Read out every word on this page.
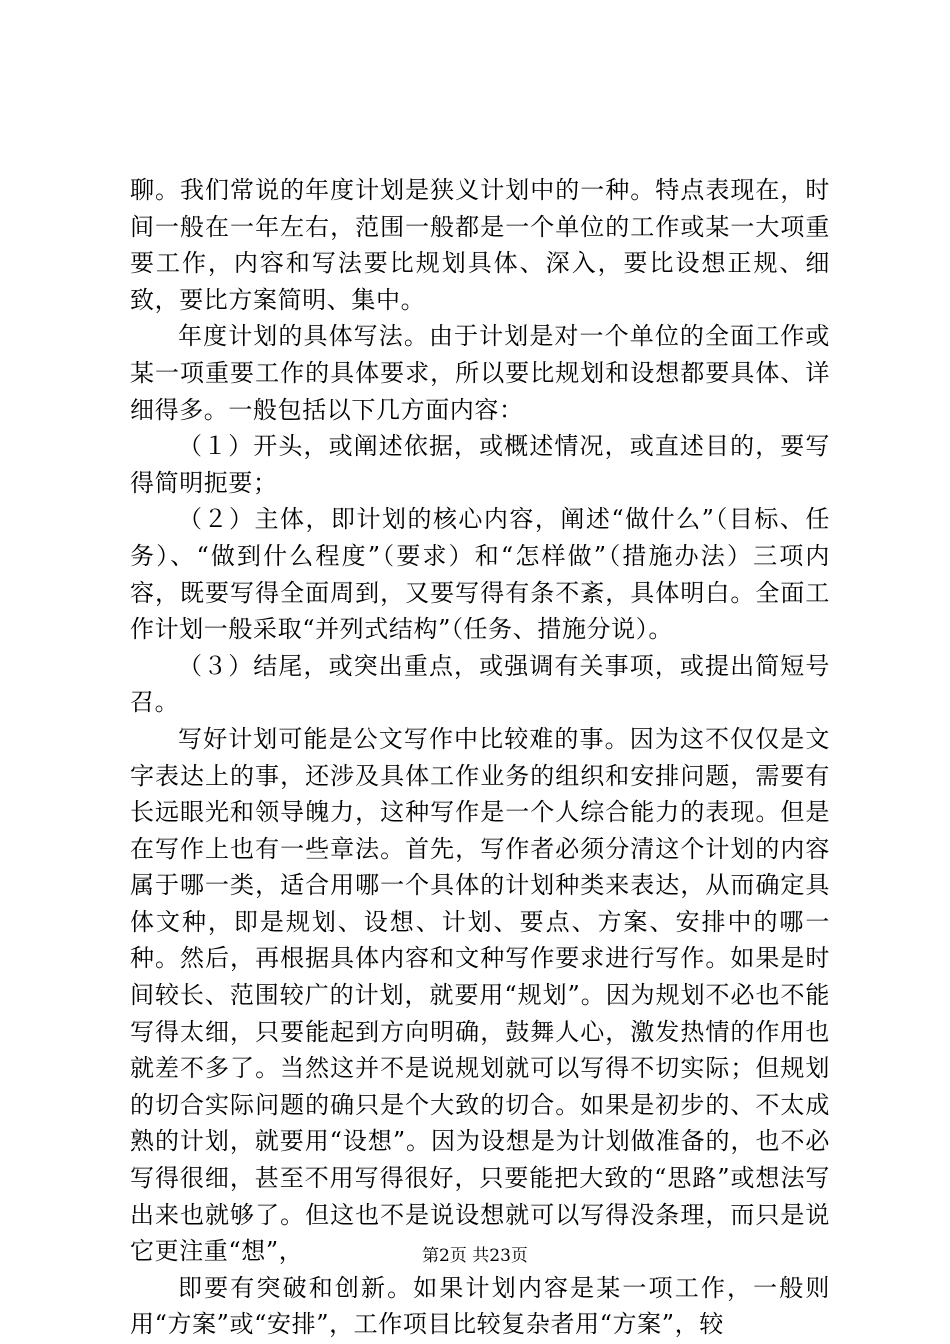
聊。我们常说的年度计划是狭义计划中的一种。特点表现在，时间一般在一年左右，范围一般都是一个单位的工作或某一大项重要工作，内容和写法要比规划具体、深入，要比设想正规、细致，要比方案简明、集中。

年度计划的具体写法。由于计划是对一个单位的全面工作或某一项重要工作的具体要求，所以要比规划和设想都要具体、详细得多。一般包括以下几方面内容：

（１）开头，或阐述依据，或概述情况，或直述目的，要写得简明扼要；

（２）主体，即计划的核心内容，阐述“做什么”（目标、任务）、“做到什么程度”（要求）和“怎样做”（措施办法）三项内容，既要写得全面周到，又要写得有条不紊，具体明白。全面工作计划一般采取“并列式结构”（任务、措施分说）。

（３）结尾，或突出重点，或强调有关事项，或提出简短号召。

写好计划可能是公文写作中比较难的事。因为这不仅仅是文字表达上的事，还涉及具体工作业务的组织和安排问题，需要有长远眼光和领导魄力，这种写作是一个人综合能力的表现。但是在写作上也有一些章法。首先，写作者必须分清这个计划的内容属于哪一类，适合用哪一个具体的计划种类来表达，从而确定具体文种，即是规划、设想、计划、要点、方案、安排中的哪一种。然后，再根据具体内容和文种写作要求进行写作。如果是时间较长、范围较广的计划，就要用“规划”。因为规划不必也不能写得太细，只要能起到方向明确，鼓舞人心，激发热情的作用也就差不多了。当然这并不是说规划就可以写得不切实际；但规划的切合实际问题的确只是个大致的切合。如果是初步的、不太成熟的计划，就要用“设想”。因为设想是为计划做准备的，也不必写得很细，甚至不用写得很好，只要能把大致的“思路”或想法写出来也就够了。但这也不是说设想就可以写得没条理，而只是说它更注重“想”，

即要有突破和创新。如果计划内容是某一项工作，一般则用“方案”或“安排”，工作项目比较复杂者用“方案”，较

第2页 共23页
